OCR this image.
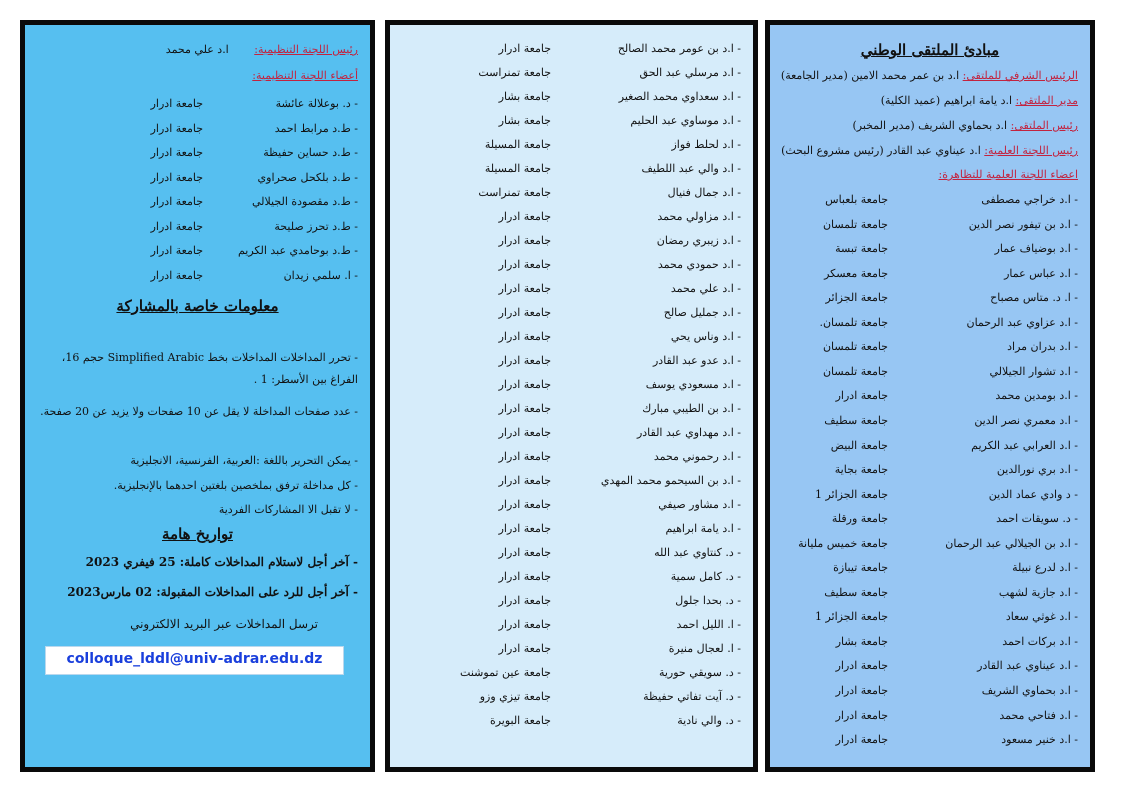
مبادئ الملتقى الوطني
الرئيس الشرفي للملتقى: ا.د بن عمر محمد الامين (مدير الجامعة)
مدير الملتقى: ا.د يامة ابراهيم (عميد الكلية)
رئيس الملتقى: ا.د بحماوي الشريف (مدير المخبر)
رئيس اللجنة العلمية: ا.د عيناوي عبد القادر (رئيس مشروع البحث)
اعضاء اللجنة العلمية للتظاهرة:
- ا.د خراجي مصطفى
جامعة بلعباس
- ا.د بن تيفور نصر الدين
جامعة تلمسان
- ا.د بوضياف عمار
جامعة تبسة
- ا.د عباس عمار
جامعة معسكر
- ا. د. متاس مصباح
جامعة الجزائر
- ا.د عزاوي عبد الرحمان
جامعة تلمسان.
- ا.د بدران مراد
جامعة تلمسان
- ا.د تشوار الجيلالي
جامعة تلمسان
- ا.د بومدين محمد
جامعة ادرار
- ا.د معمري نصر الدين
جامعة سطيف
- ا.د العرابي عبد الكريم
جامعة البيض
- ا.د بري نورالدين
جامعة بجاية
- د وادي عماد الدين
جامعة الجزائر 1
- د. سويقات احمد
جامعة ورقلة
- ا.د بن الجيلالي عبد الرحمان
جامعة خميس مليانة
- ا.د لدرع نبيلة
جامعة تيبازة
- ا.د جازية لشهب
جامعة سطيف
- ا.د غوثي سعاد
جامعة الجزائر 1
- ا.د بركات احمد
جامعة بشار
- ا.د عيناوي عبد القادر
جامعة ادرار
- ا.د بحماوي الشريف
جامعة ادرار
- ا.د فتاحي محمد
جامعة ادرار
- ا.د خنير مسعود
جامعة ادرار
- ا.د بن عومر محمد الصالح
جامعة ادرار
- ا.د مرسلي عبد الحق
جامعة تمنراست
- ا.د سعداوي محمد الصغير
جامعة بشار
- ا.د موساوي عبد الحليم
جامعة بشار
- ا.د لحلط فواز
جامعة المسيلة
- ا.د والي عبد اللطيف
جامعة المسيلة
- ا.د جمال فنيال
جامعة تمنراست
- ا.د مزاولي محمد
جامعة ادرار
- ا.د زيبري رمضان
جامعة ادرار
- ا.د حمودي محمد
جامعة ادرار
- ا.د علي محمد
جامعة ادرار
- ا.د جمليل صالح
جامعة ادرار
- ا.د وناس يحي
جامعة ادرار
- ا.د عدو عبد القادر
جامعة ادرار
- ا.د مسعودي يوسف
جامعة ادرار
- ا.د بن الطيبي مبارك
جامعة ادرار
- ا.د مهداوي عبد القادر
جامعة ادرار
- ا.د رحموني محمد
جامعة ادرار
- ا.د بن السيحمو محمد المهدي
جامعة ادرار
- ا.د مشاور صيفي
جامعة ادرار
- ا.د يامة ابراهيم
جامعة ادرار
- د. كنتاوي عبد الله
جامعة ادرار
- د. كامل سمية
جامعة ادرار
- د. بحدا جلول
جامعة ادرار
- ا. الليل احمد
جامعة ادرار
- ا. لعجال منيرة
جامعة ادرار
- د. سويقي حورية
جامعة عين تموشنت
- د. آيت تفاتي حفيظة
جامعة تيزي وزو
- د. والي نادية
جامعة البويرة
رئيس اللجنة التنظيمية: ا.د علي محمد
أعضاء اللجنة التنظيمية:
- د. بوعلالة عائشة
جامعة ادرار
- ط.د مرابط احمد
جامعة ادرار
- ط.د حساين حفيظة
جامعة ادرار
- ط.د بلكحل صحراوي
جامعة ادرار
- ط.د مقصودة الجيلالي
جامعة ادرار
- ط.د تحرز صليحة
جامعة ادرار
- ط.د بوحامدي عبد الكريم
جامعة ادرار
- ا. سلمي زيدان
جامعة ادرار
معلومات خاصة بالمشاركة
- تحرر المداخلات المداخلات بخط Simplified Arabic حجم 16، الفراغ بين الأسطر: 1 .
- عدد صفحات المداخلة لا يقل عن 10 صفحات ولا يزيد عن 20 صفحة.
- يمكن التحرير باللغة :العربية، الفرنسية، الانجليزية
- كل مداخلة ترفق بملخصين بلغتين احدهما بالإنجليزية.
- لا تقبل الا المشاركات الفردية
تواريخ هامة
- آخر أجل لاستلام المداخلات كاملة: 25 فيفري 2023
- آخر أجل للرد على المداخلات المقبولة: 02 مارس2023
ترسل المداخلات عبر البريد الالكتروني
colloque_lddl@univ-adrar.edu.dz
